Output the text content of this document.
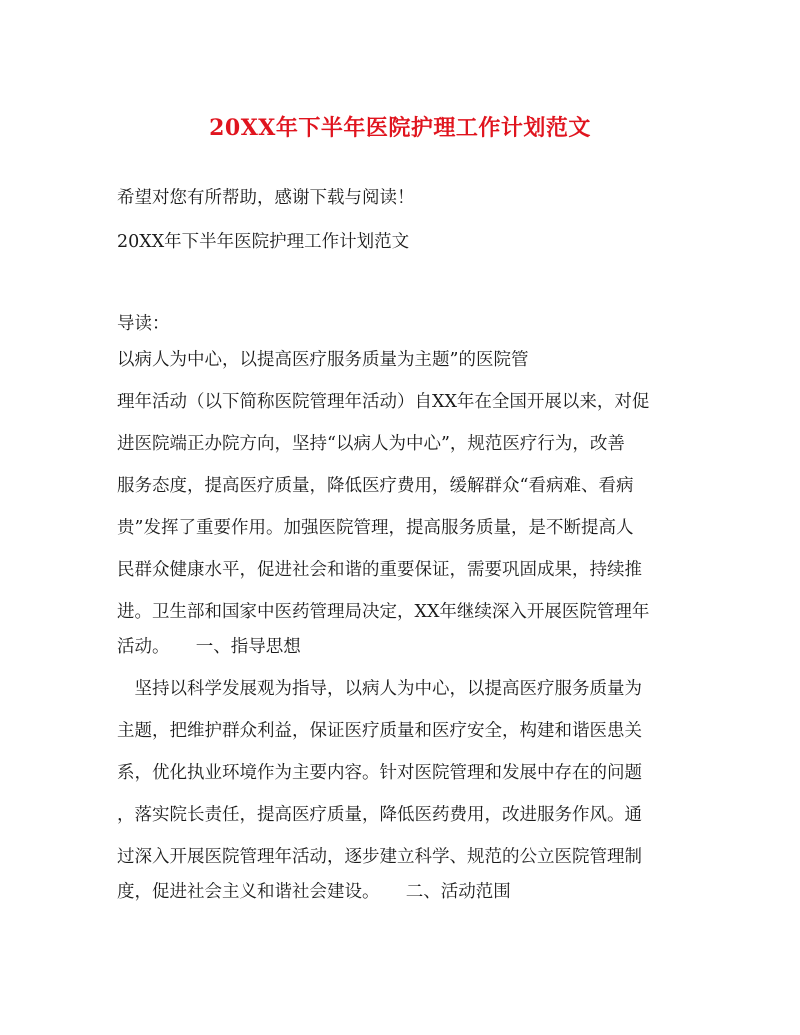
20XX年下半年医院护理工作计划范文
希望对您有所帮助，感谢下载与阅读！
20XX年下半年医院护理工作计划范文
导读：
以病人为中心，以提高医疗服务质量为主题”的医院管
理年活动（以下简称医院管理年活动）自XX年在全国开展以来，对促
进医院端正办院方向，坚持“以病人为中心”，规范医疗行为，改善
服务态度，提高医疗质量，降低医疗费用，缓解群众“看病难、看病
贵”发挥了重要作用。加强医院管理，提高服务质量，是不断提高人
民群众健康水平，促进社会和谐的重要保证，需要巩固成果，持续推
进。卫生部和国家中医药管理局决定，XX年继续深入开展医院管理年
活动。　　一、指导思想
　坚持以科学发展观为指导，以病人为中心，以提高医疗服务质量为
主题，把维护群众利益，保证医疗质量和医疗安全，构建和谐医患关
系，优化执业环境作为主要内容。针对医院管理和发展中存在的问题
，落实院长责任，提高医疗质量，降低医药费用，改进服务作风。通
过深入开展医院管理年活动，逐步建立科学、规范的公立医院管理制
度，促进社会主义和谐社会建设。　　二、活动范围
